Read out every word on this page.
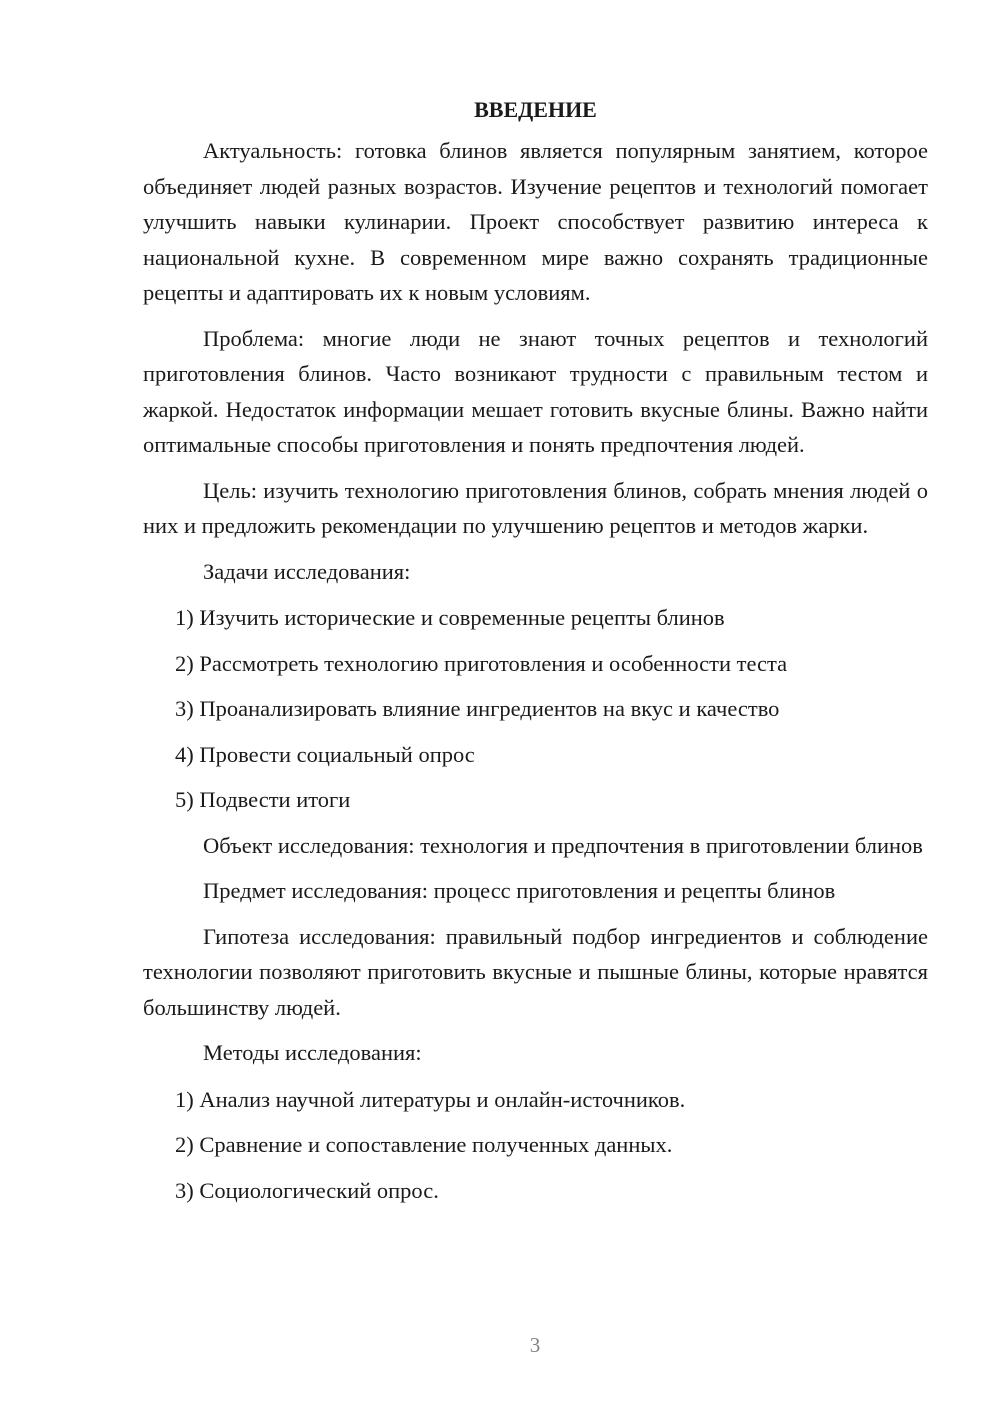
ВВЕДЕНИЕ

Актуальность: готовка блинов является популярным занятием, которое объединяет людей разных возрастов. Изучение рецептов и технологий помогает улучшить навыки кулинарии. Проект способствует развитию интереса к национальной кухне. В современном мире важно сохранять традиционные рецепты и адаптировать их к новым условиям.

Проблема: многие люди не знают точных рецептов и технологий приготовления блинов. Часто возникают трудности с правильным тестом и жаркой. Недостаток информации мешает готовить вкусные блины. Важно найти оптимальные способы приготовления и понять предпочтения людей.

Цель: изучить технологию приготовления блинов, собрать мнения людей о них и предложить рекомендации по улучшению рецептов и методов жарки.

Задачи исследования:

1) Изучить исторические и современные рецепты блинов
2) Рассмотреть технологию приготовления и особенности теста
3) Проанализировать влияние ингредиентов на вкус и качество
4) Провести социальный опрос
5) Подвести итоги

Объект исследования: технология и предпочтения в приготовлении блинов

Предмет исследования: процесс приготовления и рецепты блинов

Гипотеза исследования: правильный подбор ингредиентов и соблюдение технологии позволяют приготовить вкусные и пышные блины, которые нравятся большинству людей.

Методы исследования:

1) Анализ научной литературы и онлайн-источников.
2) Сравнение и сопоставление полученных данных.
3) Социологический опрос.
3
